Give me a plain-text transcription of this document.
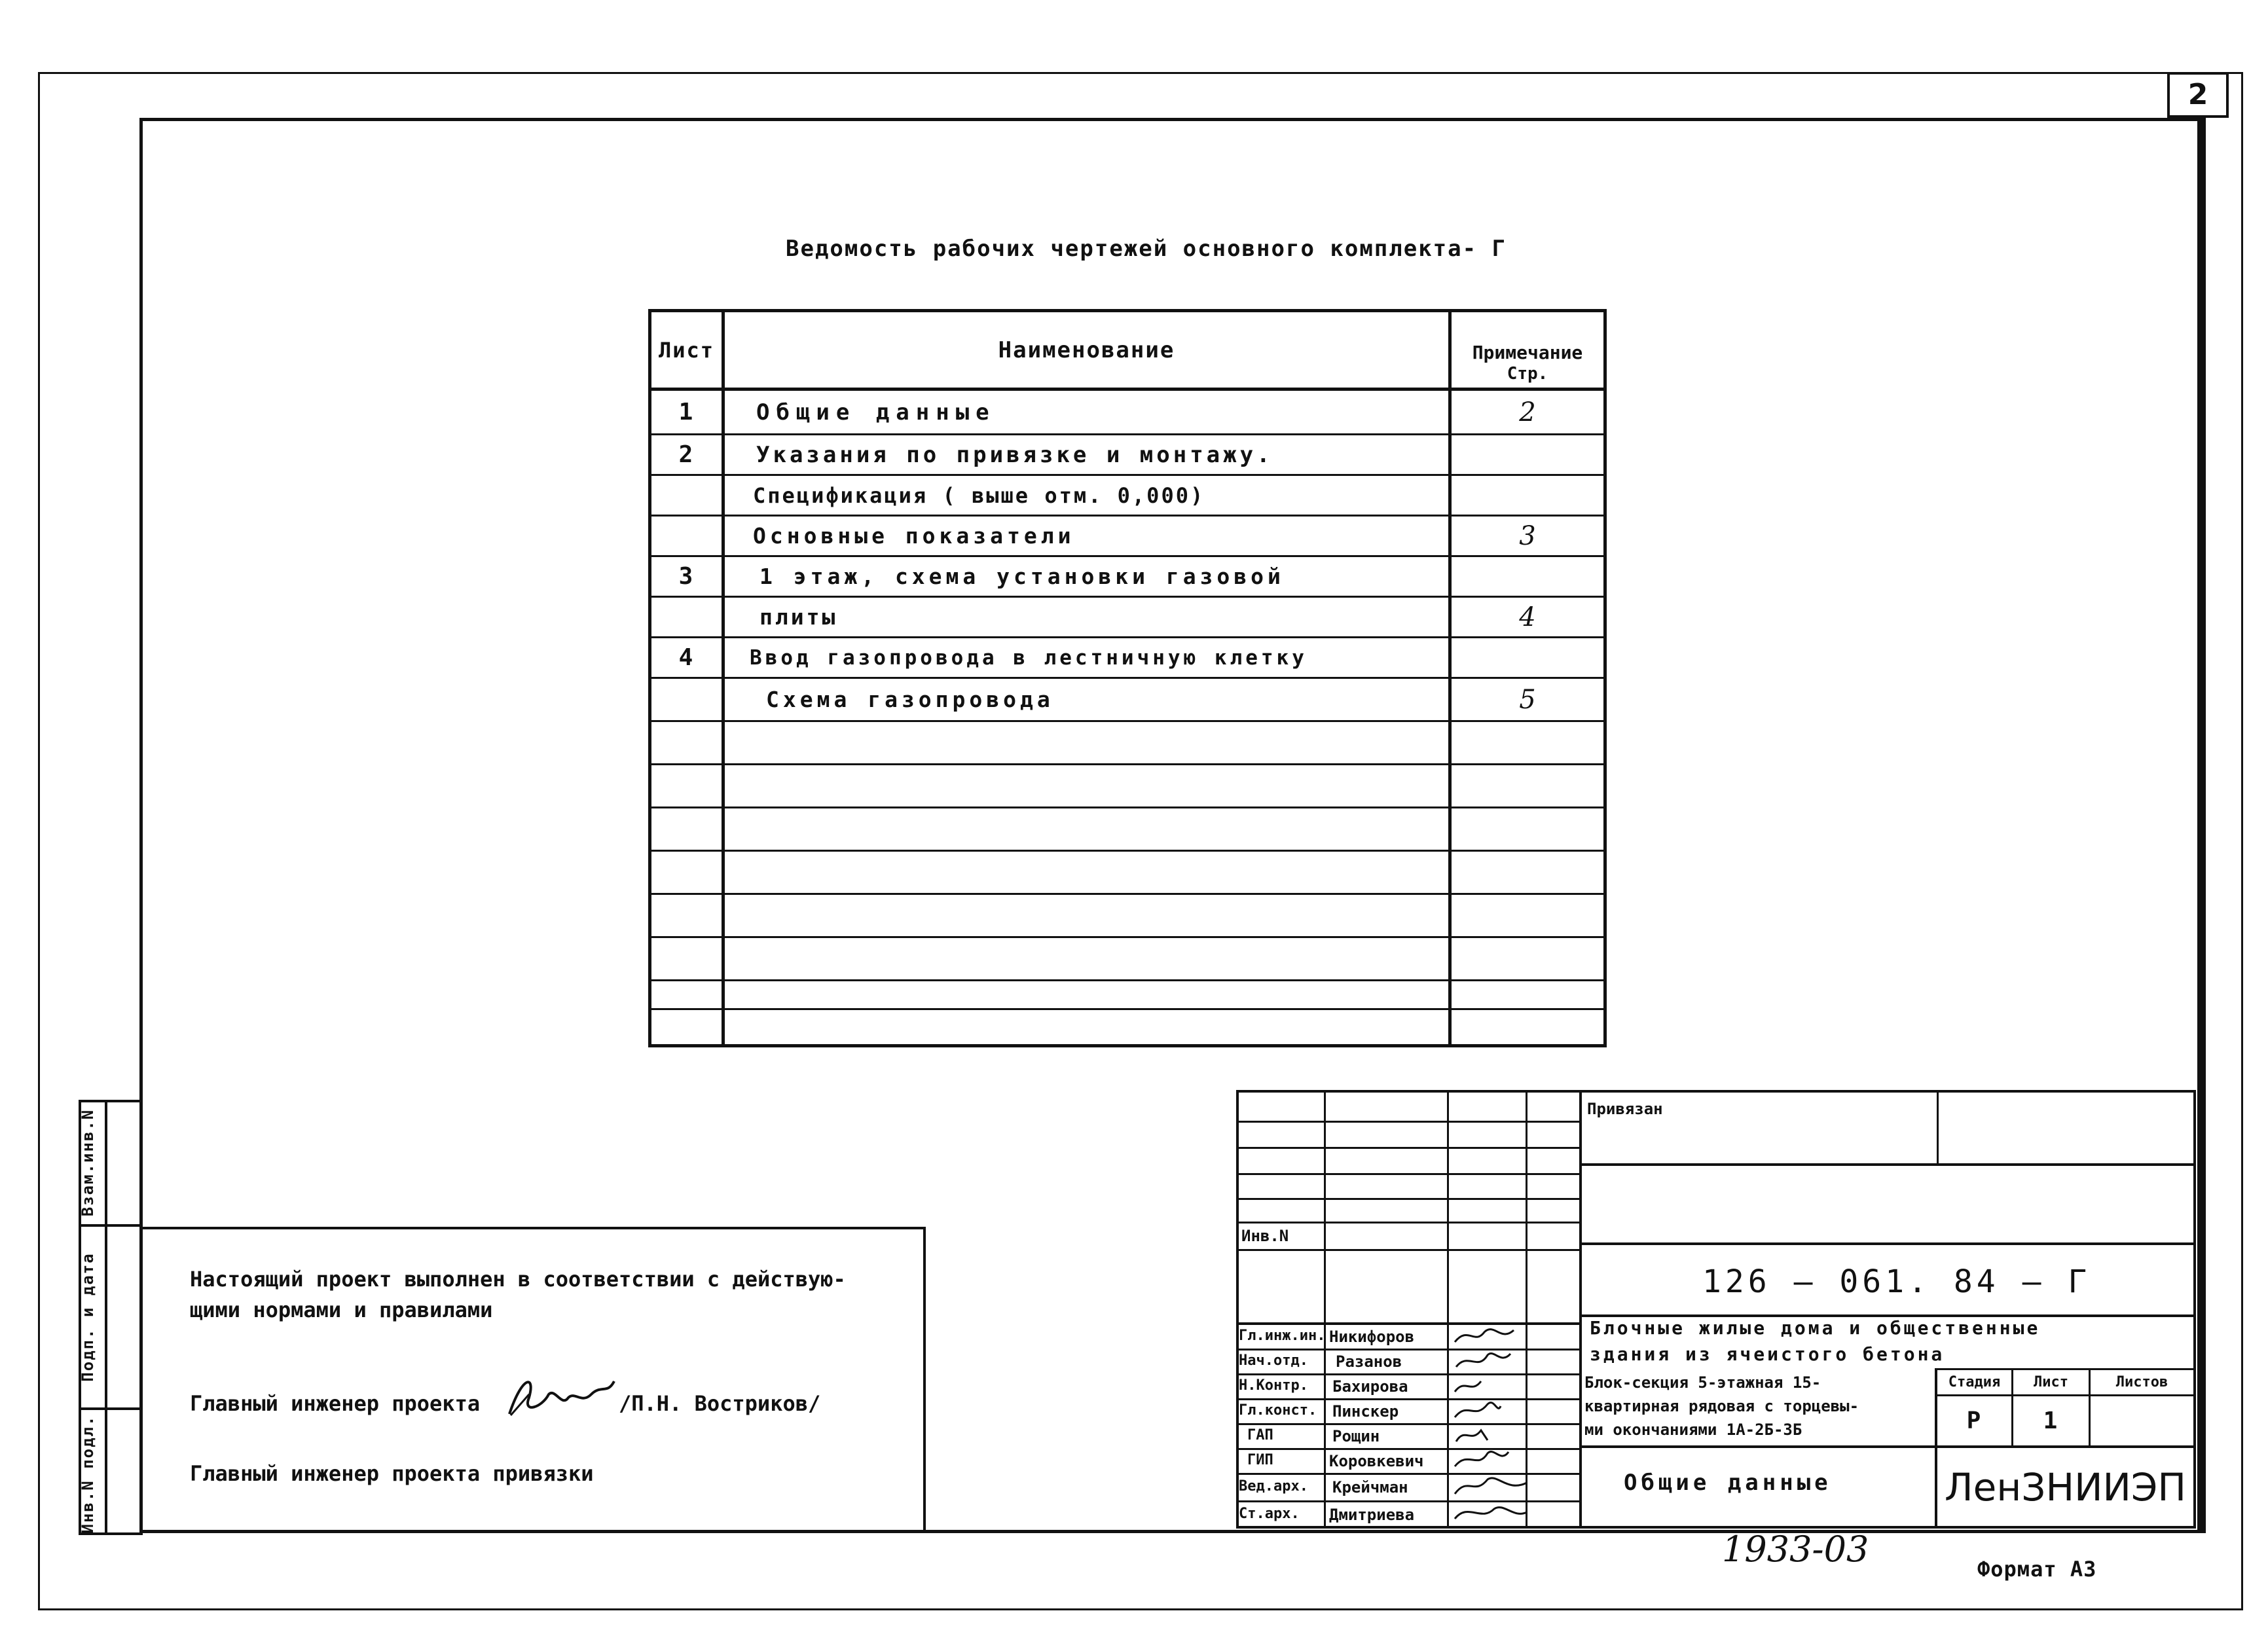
2
Ведомость рабочих чертежей основного комплекта- Г
Лист	Наименование	Примечание
Стр.
1	Общие данные	2
2	Указания по привязке и монтажу.
Спецификация ( выше отм. 0,000)
Основные показатели	3
3	1 этаж, схема установки газовой
плиты	4
4	Ввод газопровода в лестничную клетку
Схема газопровода	5
Инв.N подл.
Подп. и дата
Взам.инв.N
Настоящий проект выполнен в соответствии с действую-
щими нормами и правилами
Главный инженер проекта	/П.Н. Востриков/
Главный инженер проекта привязки
Привязан
Инв.N
126 — 061. 84 — Г
Блочные жилые дома и общественные
здания из ячеистого бетона
Блок-секция 5-этажная 15-
квартирная рядовая с торцевы-
ми окончаниями 1А-2Б-3Б
Стадия	Лист	Листов
Р	1
Общие данные	ЛенЗНИИЭП
Гл.инж.ин. Никифоров
Нач.отд. Разанов
Н.Контр. Бахирова
Гл.конст. Пинскер
ГАП	Рощин
ГИП	Коровкевич
Вед.арх. Крейчман
Ст.арх. Дмитриева
1933-03	Формат А3
